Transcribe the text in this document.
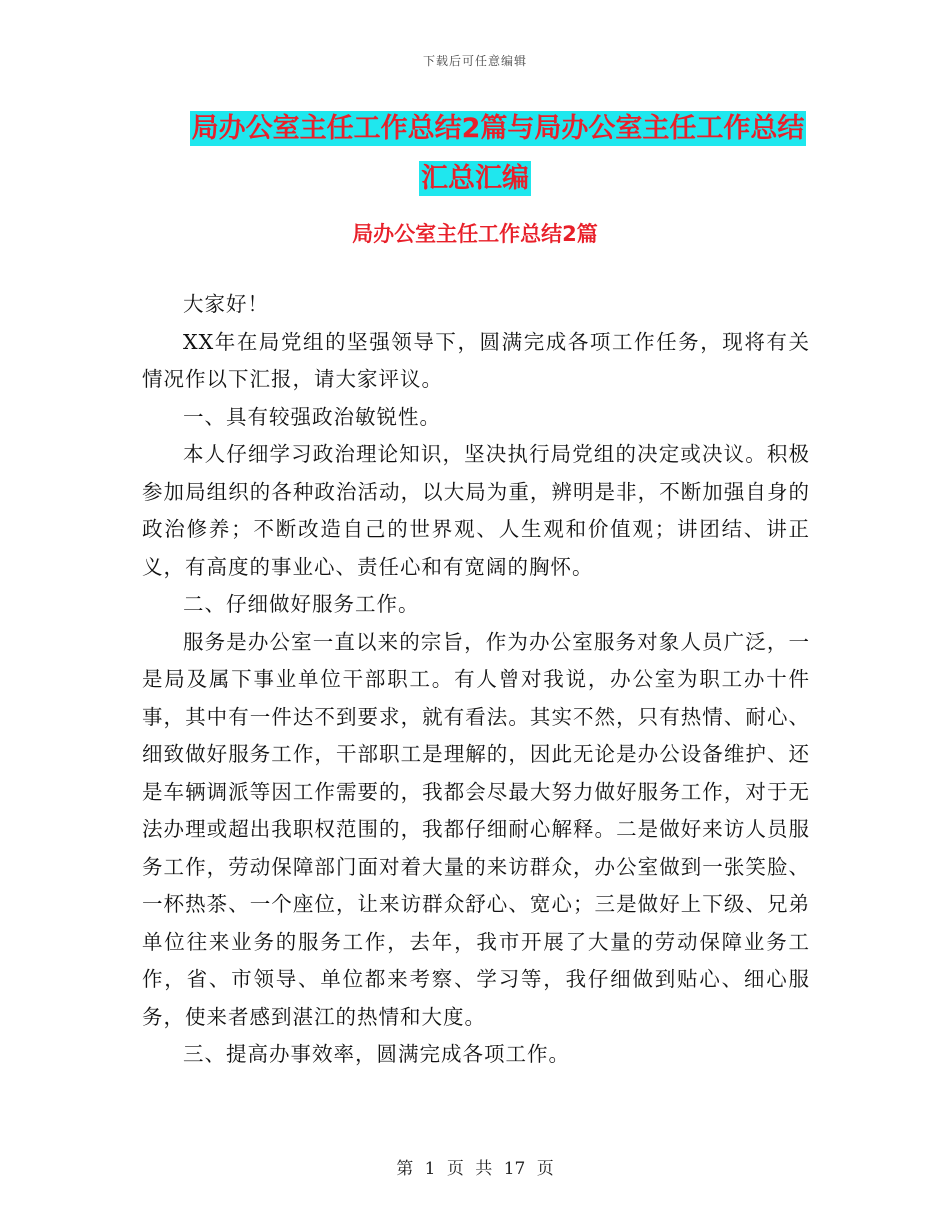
下载后可任意编辑
局办公室主任工作总结2篇与局办公室主任工作总结
汇总汇编
局办公室主任工作总结2篇

大家好！

XX年在局党组的坚强领导下，圆满完成各项工作任务，现将有关情况作以下汇报，请大家评议。

一、具有较强政治敏锐性。

本人仔细学习政治理论知识，坚决执行局党组的决定或决议。积极参加局组织的各种政治活动，以大局为重，辨明是非，不断加强自身的政治修养；不断改造自己的世界观、人生观和价值观；讲团结、讲正义，有高度的事业心、责任心和有宽阔的胸怀。

二、仔细做好服务工作。

服务是办公室一直以来的宗旨，作为办公室服务对象人员广泛，一是局及属下事业单位干部职工。有人曾对我说，办公室为职工办十件事，其中有一件达不到要求，就有看法。其实不然，只有热情、耐心、细致做好服务工作，干部职工是理解的，因此无论是办公设备维护、还是车辆调派等因工作需要的，我都会尽最大努力做好服务工作，对于无法办理或超出我职权范围的，我都仔细耐心解释。二是做好来访人员服务工作，劳动保障部门面对着大量的来访群众，办公室做到一张笑脸、一杯热茶、一个座位，让来访群众舒心、宽心；三是做好上下级、兄弟单位往来业务的服务工作，去年，我市开展了大量的劳动保障业务工作，省、市领导、单位都来考察、学习等，我仔细做到贴心、细心服务，使来者感到湛江的热情和大度。

三、提高办事效率，圆满完成各项工作。

第 1 页 共 17 页
